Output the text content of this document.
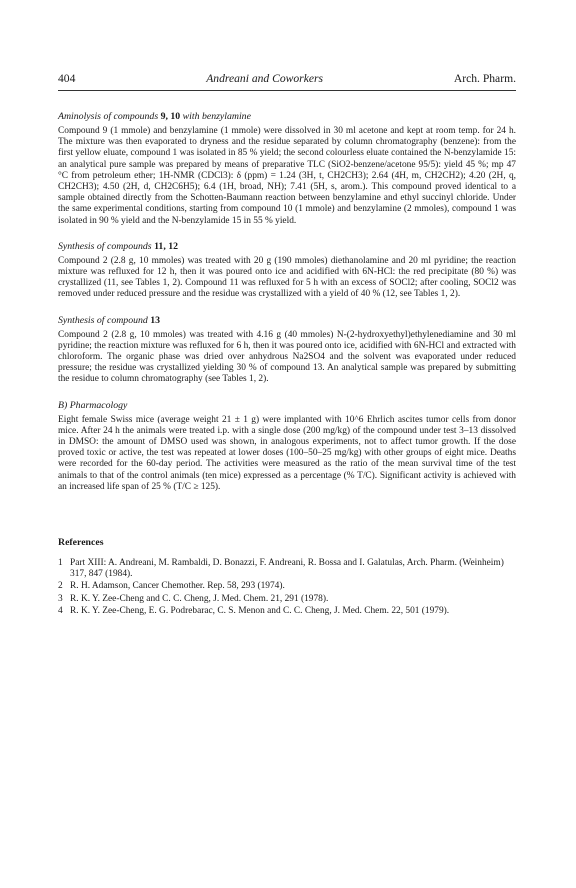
404	Andreani and Coworkers	Arch. Pharm.
Aminolysis of compounds 9, 10 with benzylamine

Compound 9 (1 mmole) and benzylamine (1 mmole) were dissolved in 30 ml acetone and kept at room temp. for 24 h. The mixture was then evaporated to dryness and the residue separated by column chromatography (benzene): from the first yellow eluate, compound 1 was isolated in 85 % yield; the second colourless eluate contained the N-benzylamide 15: an analytical pure sample was prepared by means of preparative TLC (SiO2-benzene/acetone 95/5): yield 45 %; mp 47 °C from petroleum ether; 1H-NMR (CDCl3): δ (ppm) = 1.24 (3H, t, CH2CH3); 2.64 (4H, m, CH2CH2); 4.20 (2H, q, CH2CH3); 4.50 (2H, d, CH2C6H5); 6.4 (1H, broad, NH); 7.41 (5H, s, arom.). This compound proved identical to a sample obtained directly from the Schotten-Baumann reaction between benzylamine and ethyl succinyl chloride. Under the same experimental conditions, starting from compound 10 (1 mmole) and benzylamine (2 mmoles), compound 1 was isolated in 90 % yield and the N-benzylamide 15 in 55 % yield.

Synthesis of compounds 11, 12

Compound 2 (2.8 g, 10 mmoles) was treated with 20 g (190 mmoles) diethanolamine and 20 ml pyridine; the reaction mixture was refluxed for 12 h, then it was poured onto ice and acidified with 6N-HCl: the red precipitate (80 %) was crystallized (11, see Tables 1, 2). Compound 11 was refluxed for 5 h with an excess of SOCl2; after cooling, SOCl2 was removed under reduced pressure and the residue was crystallized with a yield of 40 % (12, see Tables 1, 2).

Synthesis of compound 13

Compound 2 (2.8 g, 10 mmoles) was treated with 4.16 g (40 mmoles) N-(2-hydroxyethyl)ethylenediamine and 30 ml pyridine; the reaction mixture was refluxed for 6 h, then it was poured onto ice, acidified with 6N-HCl and extracted with chloroform. The organic phase was dried over anhydrous Na2SO4 and the solvent was evaporated under reduced pressure; the residue was crystallized yielding 30 % of compound 13. An analytical sample was prepared by submitting the residue to column chromatography (see Tables 1, 2).

B) Pharmacology

Eight female Swiss mice (average weight 21 ± 1 g) were implanted with 10^6 Ehrlich ascites tumor cells from donor mice. After 24 h the animals were treated i.p. with a single dose (200 mg/kg) of the compound under test 3–13 dissolved in DMSO: the amount of DMSO used was shown, in analogous experiments, not to affect tumor growth. If the dose proved toxic or active, the test was repeated at lower doses (100–50–25 mg/kg) with other groups of eight mice. Deaths were recorded for the 60-day period. The activities were measured as the ratio of the mean survival time of the test animals to that of the control animals (ten mice) expressed as a percentage (% T/C). Significant activity is achieved with an increased life span of 25 % (T/C ≥ 125).

References
1 Part XIII: A. Andreani, M. Rambaldi, D. Bonazzi, F. Andreani, R. Bossa and I. Galatulas, Arch. Pharm. (Weinheim) 317, 847 (1984).
2 R. H. Adamson, Cancer Chemother. Rep. 58, 293 (1974).
3 R. K. Y. Zee-Cheng and C. C. Cheng, J. Med. Chem. 21, 291 (1978).
4 R. K. Y. Zee-Cheng, E. G. Podrebarac, C. S. Menon and C. C. Cheng, J. Med. Chem. 22, 501 (1979).
